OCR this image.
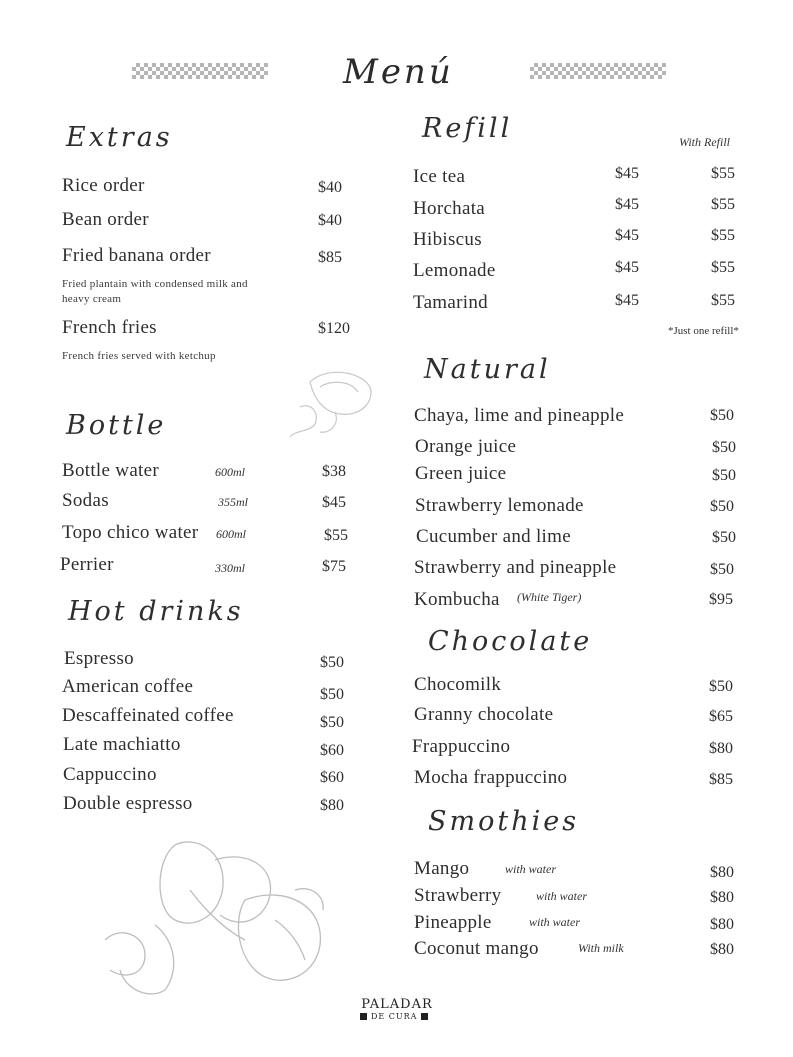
Menú
Extras
Rice order	$40
Bean order	$40
Fried banana order	$85
Fried plantain with condensed milk and heavy cream
French fries	$120
French fries served with ketchup
Bottle
Bottle water	600ml	$38
Sodas	355ml	$45
Topo chico water 600ml	$55
Perrier	330ml	$75
Hot drinks
Espresso	$50
American coffee	$50
Descaffeinated coffee	$50
Late machiatto	$60
Cappuccino	$60
Double espresso	$80
Refill	With Refill
Ice tea	$45	$55
Horchata	$45	$55
Hibiscus	$45	$55
Lemonade	$45	$55
Tamarind	$45	$55
*Just one refill*
Natural
Chaya, lime and pineapple	$50
Orange juice	$50
Green juice	$50
Strawberry lemonade	$50
Cucumber and lime	$50
Strawberry and pineapple	$50
Kombucha (White Tiger)	$95
Chocolate
Chocomilk	$50
Granny chocolate	$65
Frappuccino	$80
Mocha frappuccino	$85
Smothies
Mango	with water	$80
Strawberry	with water	$80
Pineapple	with water	$80
Coconut mango	With milk	$80
PALADAR
DE CURA
